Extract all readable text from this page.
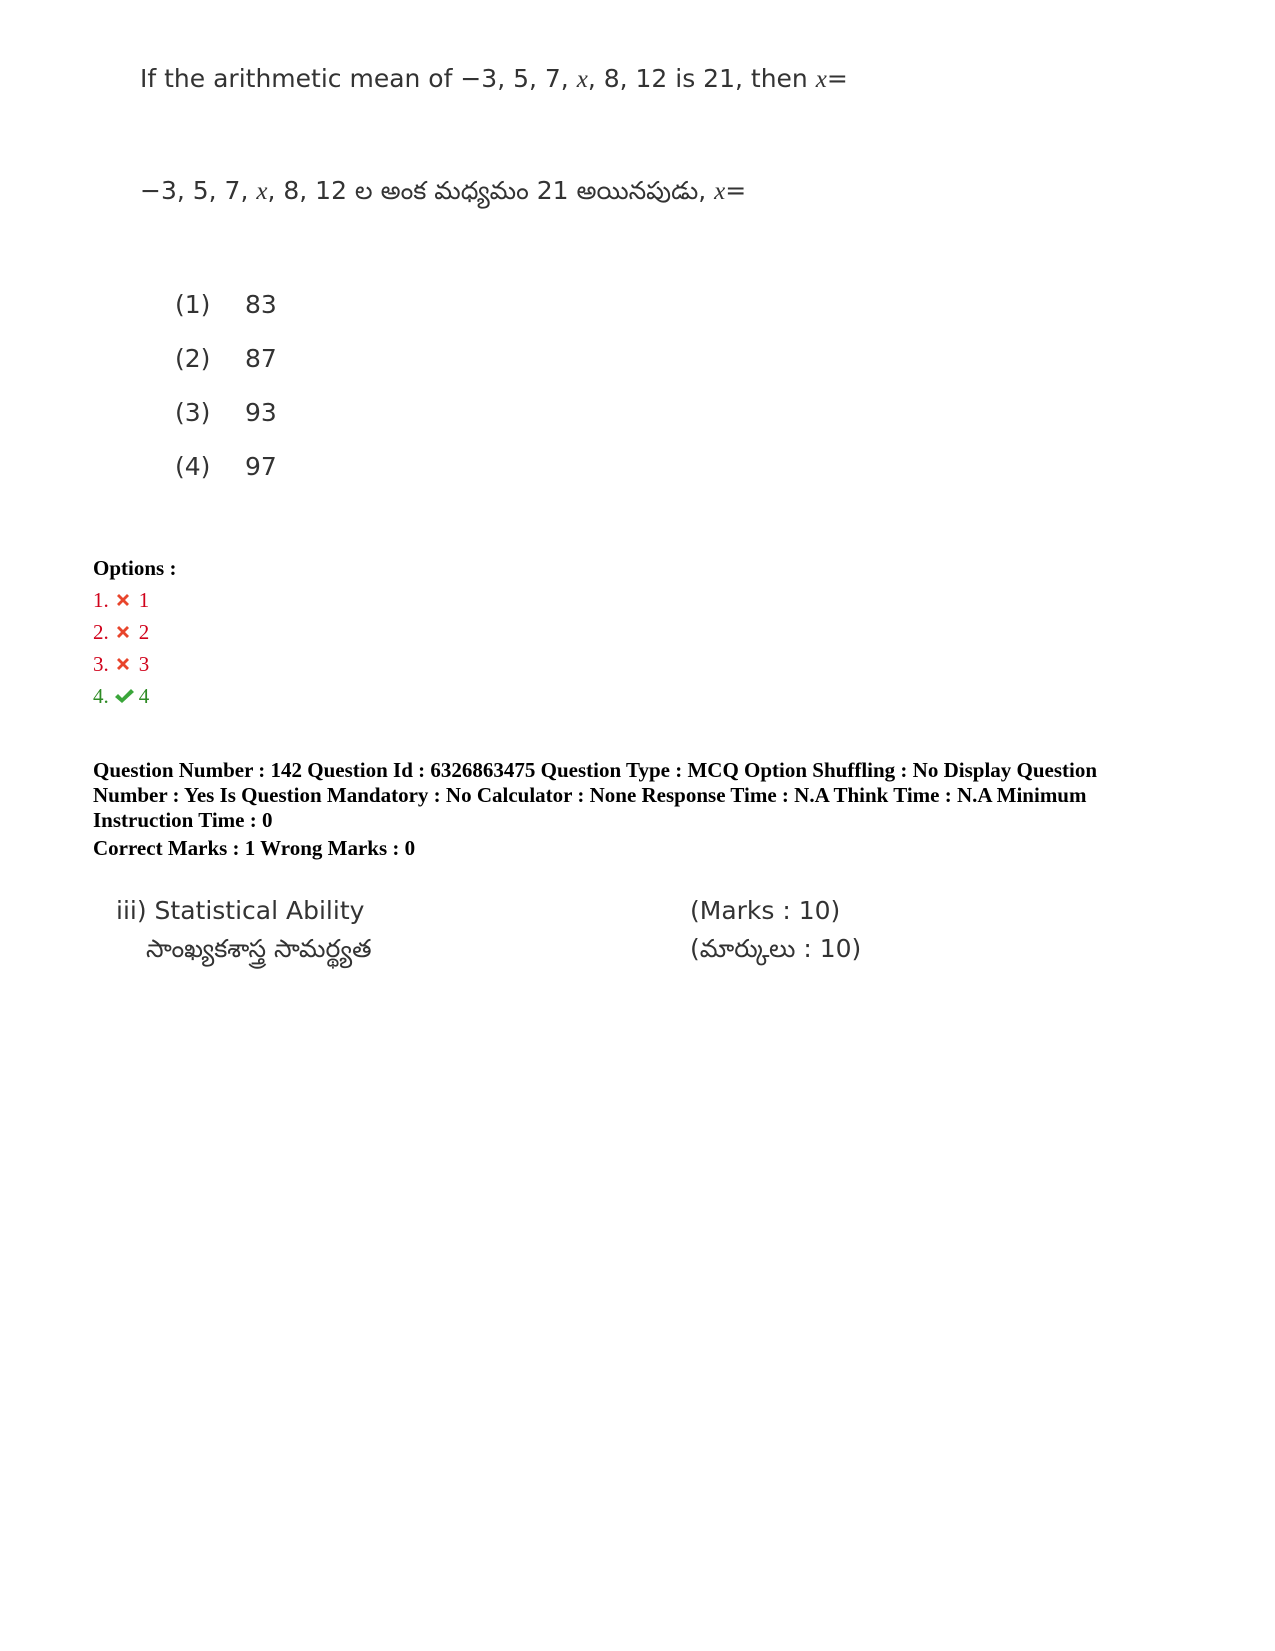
If the arithmetic mean of −3, 5, 7, x, 8, 12 is 21, then x=
−3, 5, 7, x, 8, 12 ల అంక మధ్యమం 21 అయినపుడు, x=
(1) 83
(2) 87
(3) 93
(4) 97
Options :
1. 1
2. 2
3. 3
4. 4
Question Number : 142 Question Id : 6326863475 Question Type : MCQ Option Shuffling : No Display Question Number : Yes Is Question Mandatory : No Calculator : None Response Time : N.A Think Time : N.A Minimum Instruction Time : 0
Correct Marks : 1 Wrong Marks : 0
iii) Statistical Ability
సాంఖ్యకశాస్త్ర సామర్థ్యత
(Marks : 10)
(మార్కులు : 10)
